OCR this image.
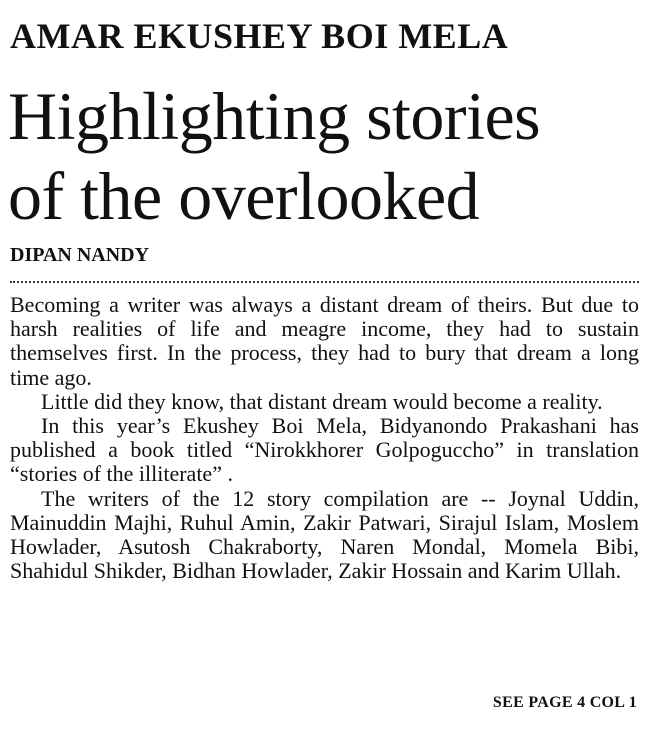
AMAR EKUSHEY BOI MELA
Highlighting stories
of the overlooked
DIPAN NANDY

Becoming a writer was always a distant dream of theirs. But due to harsh realities of life and meagre income, they had to sustain themselves first. In the process, they had to bury that dream a long time ago.

Little did they know, that distant dream would become a reality.

In this year’s Ekushey Boi Mela, Bidyanondo Prakashani has published a book titled “Nirokkhorer Golpoguccho” in translation “stories of the illiterate” .

The writers of the 12 story compilation are -- Joynal Uddin, Mainuddin Majhi, Ruhul Amin, Zakir Patwari, Sirajul Islam, Moslem Howlader, Asutosh Chakraborty, Naren Mondal, Momela Bibi, Shahidul Shikder, Bidhan Howlader, Zakir Hossain and Karim Ullah.

SEE PAGE 4 COL 1
